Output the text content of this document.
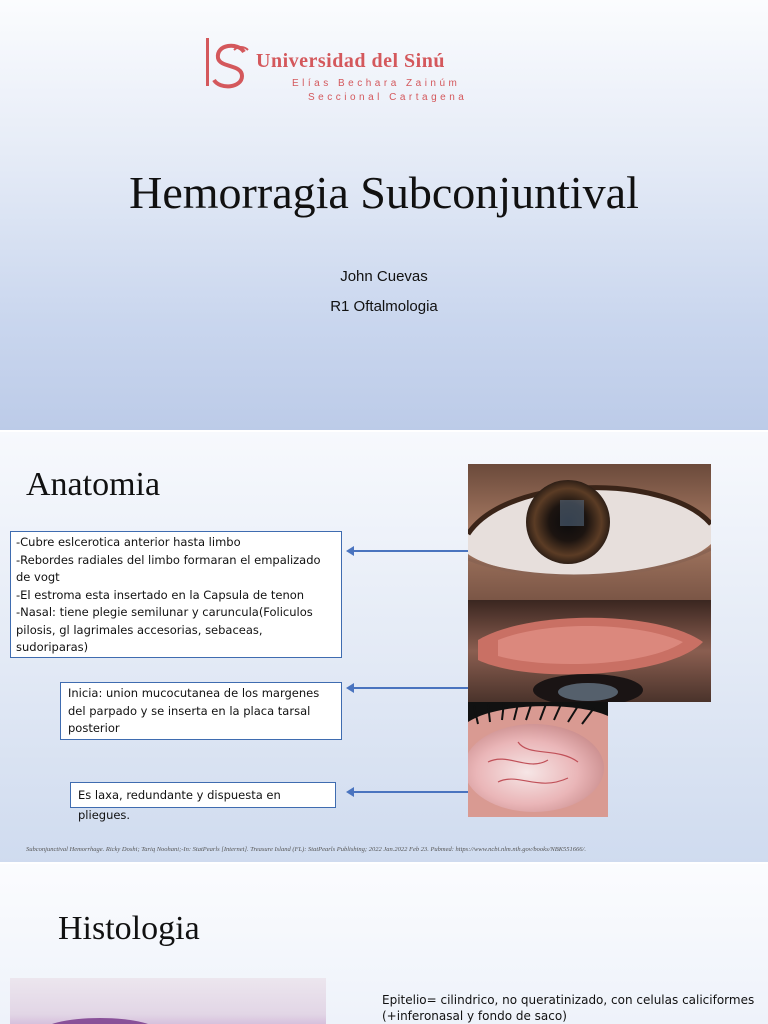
Universidad del Sinú
Elías Bechara Zainúm
Seccional Cartagena
Hemorragia Subconjuntival
John Cuevas
R1 Oftalmologia
Anatomia
-Cubre eslcerotica anterior hasta limbo
-Rebordes radiales del limbo formaran el empalizado
de vogt
-El estroma esta insertado en la Capsula de tenon
-Nasal: tiene plegie semilunar y caruncula(Foliculos
pilosis, gl lagrimales accesorias, sebaceas,
sudoriparas)
Inicia: union mucocutanea de los margenes del parpado y se inserta en la placa tarsal posterior
Es laxa, redundante y dispuesta en pliegues.
Subconjunctival Hemorrhage. Ricky Doshi; Tariq Noohani;-In: StatPearls [Internet]. Treasure Island (FL): StatPearls Publishing; 2022 Jan.2022 Feb 23. Pubmed: https://www.ncbi.nlm.nih.gov/books/NBK551666/.
Histologia
Epitelio= cilindrico, no queratinizado, con celulas caliciformes (+inferonasal y fondo de saco)
